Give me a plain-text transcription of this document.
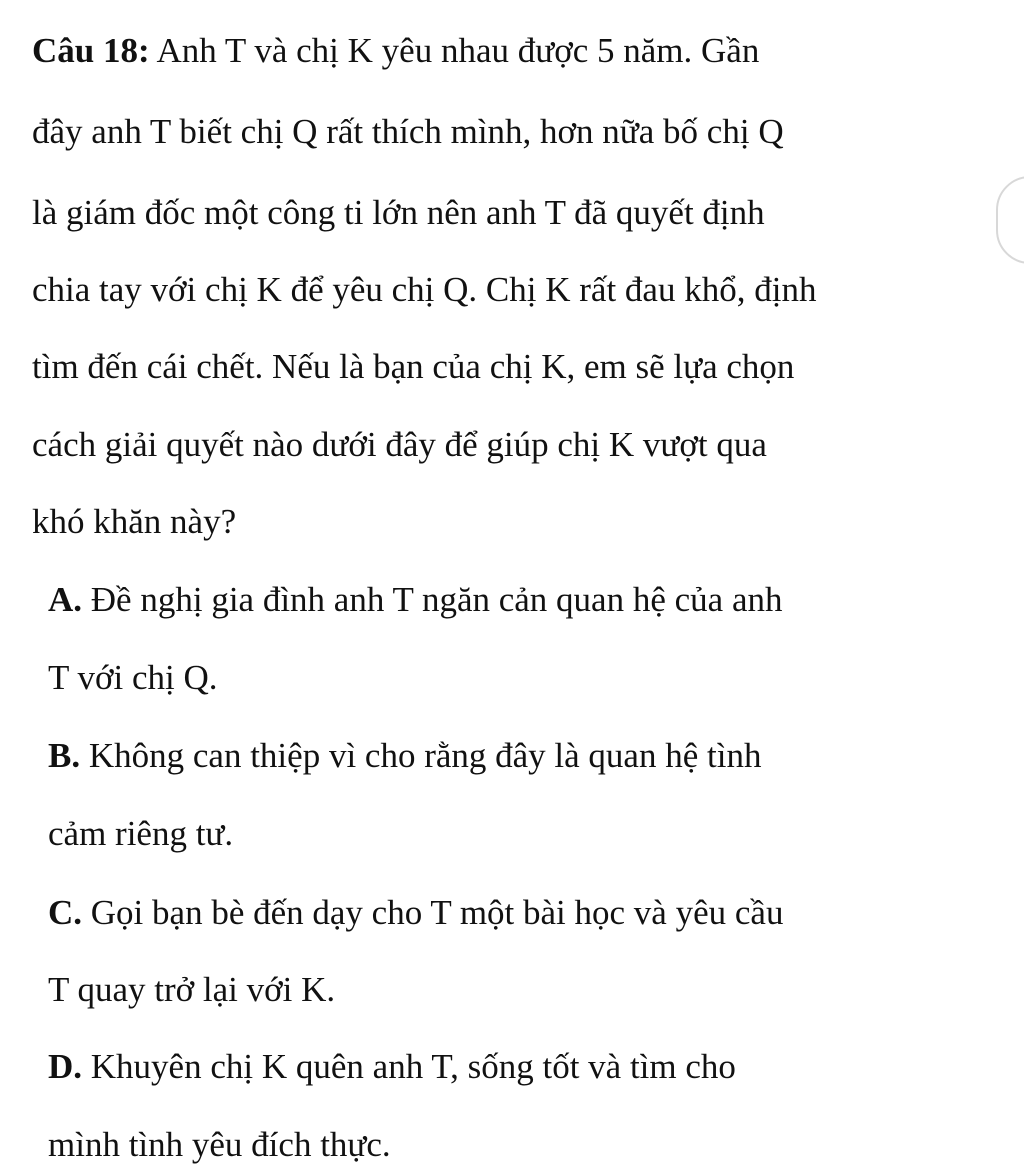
Câu 18: Anh T và chị K yêu nhau được 5 năm. Gần
đây anh T biết chị Q rất thích mình, hơn nữa bố chị Q
là giám đốc một công ti lớn nên anh T đã quyết định
chia tay với chị K để yêu chị Q. Chị K rất đau khổ, định
tìm đến cái chết. Nếu là bạn của chị K, em sẽ lựa chọn
cách giải quyết nào dưới đây để giúp chị K vượt qua
khó khăn này?
A. Đề nghị gia đình anh T ngăn cản quan hệ của anh
T với chị Q.
B. Không can thiệp vì cho rằng đây là quan hệ tình
cảm riêng tư.
C. Gọi bạn bè đến dạy cho T một bài học và yêu cầu
T quay trở lại với K.
D. Khuyên chị K quên anh T, sống tốt và tìm cho
mình tình yêu đích thực.
